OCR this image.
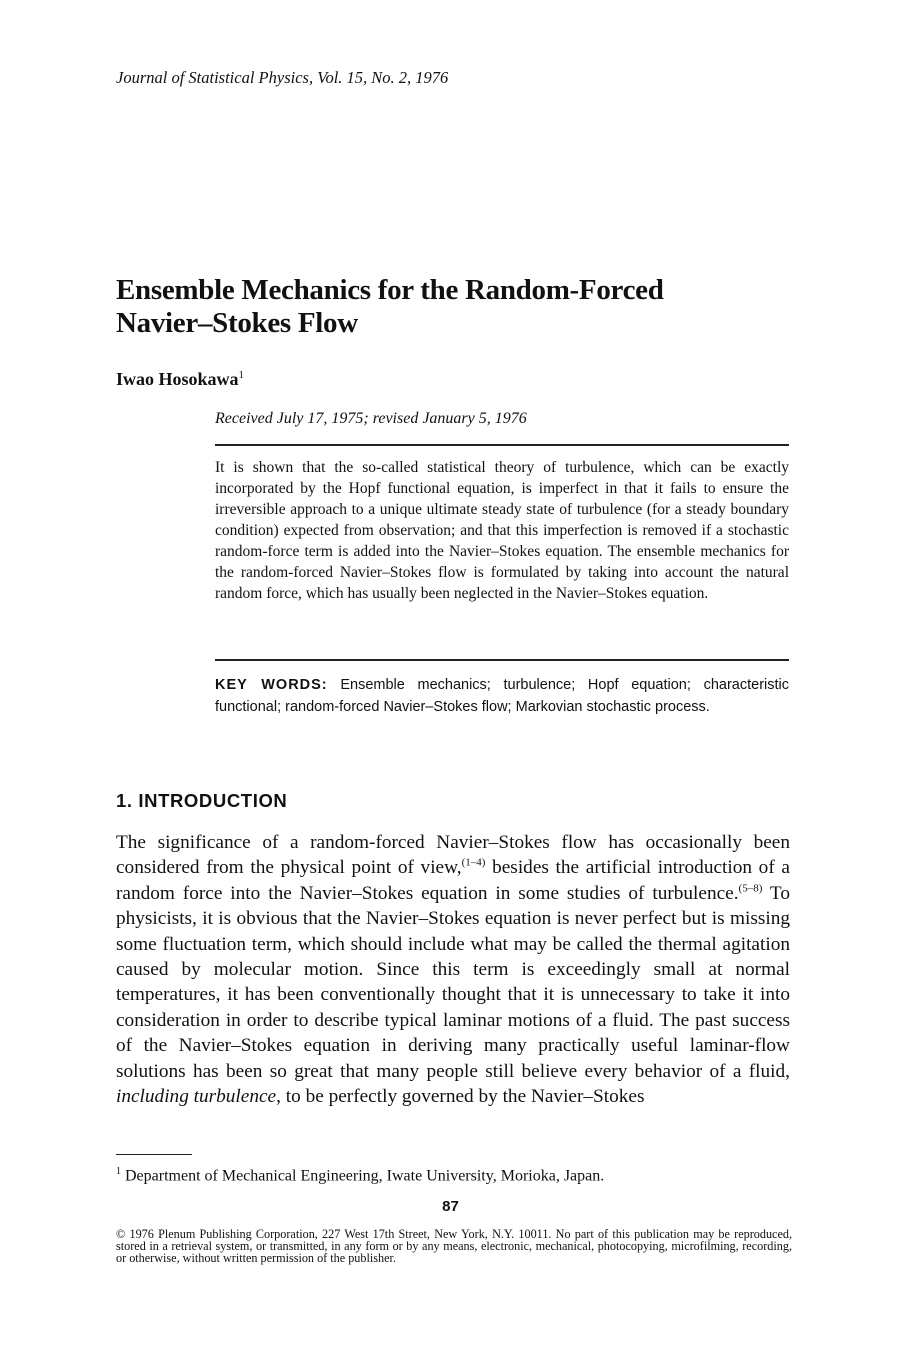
Journal of Statistical Physics, Vol. 15, No. 2, 1976
Ensemble Mechanics for the Random-Forced
Navier–Stokes Flow
Iwao Hosokawa$^1$
Received July 17, 1975; revised January 5, 1976
It is shown that the so-called statistical theory of turbulence, which can be exactly incorporated by the Hopf functional equation, is imperfect in that it fails to ensure the irreversible approach to a unique ultimate steady state of turbulence (for a steady boundary condition) expected from observation; and that this imperfection is removed if a stochastic random-force term is added into the Navier–Stokes equation. The ensemble mechanics for the random-forced Navier–Stokes flow is formulated by taking into account the natural random force, which has usually been neglected in the Navier–Stokes equation.
KEY WORDS: Ensemble mechanics; turbulence; Hopf equation; characteristic functional; random-forced Navier–Stokes flow; Markovian stochastic process.
1. INTRODUCTION
The significance of a random-forced Navier–Stokes flow has occasionally been considered from the physical point of view,$^{(1-4)}$ besides the artificial introduction of a random force into the Navier–Stokes equation in some studies of turbulence.$^{(5-8)}$ To physicists, it is obvious that the Navier–Stokes equation is never perfect but is missing some fluctuation term, which should include what may be called the thermal agitation caused by molecular motion. Since this term is exceedingly small at normal temperatures, it has been conventionally thought that it is unnecessary to take it into consideration in order to describe typical laminar motions of a fluid. The past success of the Navier–Stokes equation in deriving many practically useful laminar-flow solutions has been so great that many people still believe every behavior of a fluid, including turbulence, to be perfectly governed by the Navier–Stokes
$^1$ Department of Mechanical Engineering, Iwate University, Morioka, Japan.
87
© 1976 Plenum Publishing Corporation, 227 West 17th Street, New York, N.Y. 10011. No part of this publication may be reproduced, stored in a retrieval system, or transmitted, in any form or by any means, electronic, mechanical, photocopying, microfilming, recording, or otherwise, without written permission of the publisher.
